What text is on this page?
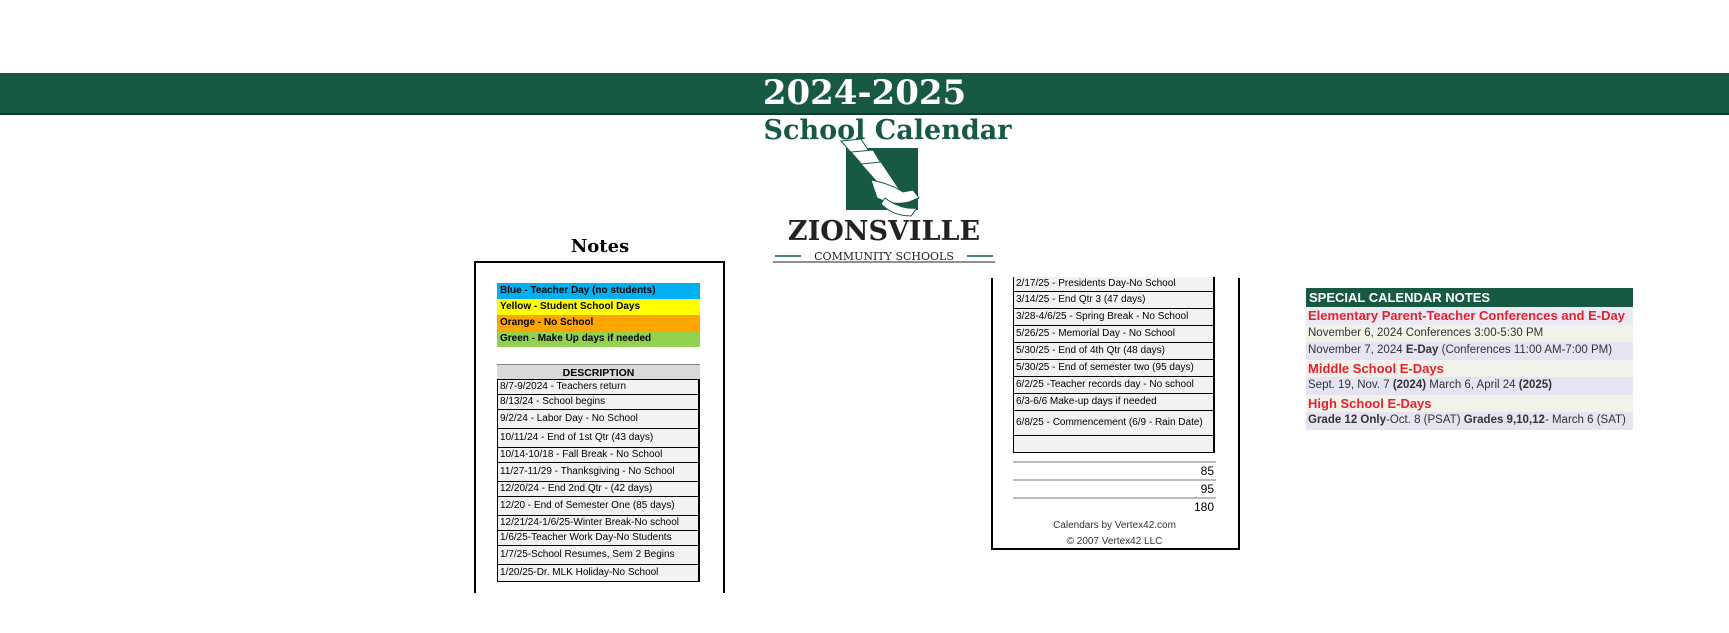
2024-2025
School Calendar
ZIONSVILLE
COMMUNITY SCHOOLS
Notes
Blue - Teacher Day (no students)
Yellow - Student School Days
Orange - No School
Green - Make Up days if needed
DESCRIPTION
8/7-9/2024 - Teachers return
8/13/24 - School begins
9/2/24 - Labor Day - No School
10/11/24 - End of 1st Qtr (43 days)
10/14-10/18 - Fall Break - No School
11/27-11/29 - Thanksgiving - No School
12/20/24 - End 2nd Qtr - (42 days)
12/20 - End of Semester One (85 days)
12/21/24-1/6/25-Winter Break-No school
1/6/25-Teacher Work Day-No Students
1/7/25-School Resumes, Sem 2 Begins
1/20/25-Dr. MLK Holiday-No School
2/17/25 - Presidents Day-No School
3/14/25 - End Qtr 3 (47 days)
3/28-4/6/25 - Spring Break - No School
5/26/25 - Memorial Day - No School
5/30/25 - End of 4th Qtr (48 days)
5/30/25 - End of semester two (95 days)
6/2/25 -Teacher records day - No school
6/3-6/6 Make-up days if needed
6/8/25 - Commencement (6/9 - Rain Date)
85
95
180
Calendars by Vertex42.com
© 2007 Vertex42 LLC
SPECIAL CALENDAR NOTES
Elementary Parent-Teacher Conferences and E-Day
November 6, 2024 Conferences 3:00-5:30 PM
November 7, 2024 E-Day (Conferences 11:00 AM-7:00 PM)
Middle School E-Days
Sept. 19, Nov. 7 (2024) March 6, April 24 (2025)
High School E-Days
Grade 12 Only-Oct. 8 (PSAT) Grades 9,10,12- March 6 (SAT)
